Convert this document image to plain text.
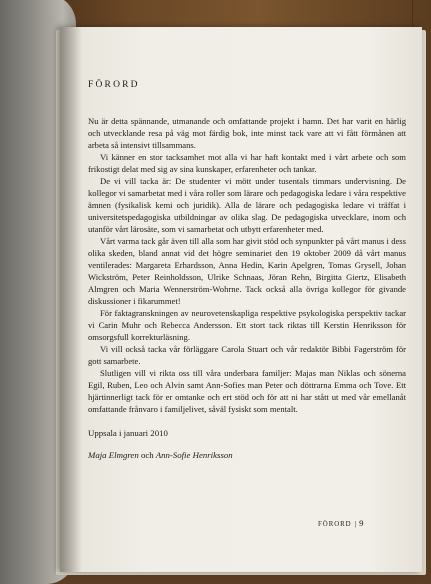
FÖRORD

Nu är detta spännande, utmanande och omfattande projekt i hamn. Det har varit en härlig och utvecklande resa på väg mot färdig bok, inte minst tack vare att vi fått förmånen att arbeta så intensivt tillsammans.

Vi känner en stor tacksamhet mot alla vi har haft kontakt med i vårt arbete och som frikostigt delat med sig av sina kunskaper, erfarenheter och tankar.

De vi vill tacka är: De studenter vi mött under tusentals timmars undervisning. De kollegor vi samarbetat med i våra roller som lärare och pedagogiska ledare i våra respektive ämnen (fysikalisk kemi och juridik). Alla de lärare och pedagogiska ledare vi träffat i universitetspedagogiska utbildningar av olika slag. De pedagogiska utvecklare, inom och utanför vårt lärosäte, som vi samarbetat och utbytt erfarenheter med.

Vårt varma tack går även till alla som har givit stöd och synpunkter på vårt manus i dess olika skeden, bland annat vid det högre seminariet den 19 oktober 2009 då vårt manus ventilerades: Margareta Erhardsson, Anna Hedin, Karin Apelgren, Tomas Grysell, Johan Wickström, Peter Reinholdsson, Ulrike Schnaas, Jöran Rehn, Birgitta Giertz, Elisabeth Almgren och Maria Wennerström-Wohrne. Tack också alla övriga kollegor för givande diskussioner i fikarummet!

För faktagranskningen av neurovetenskapliga respektive psykologiska perspektiv tackar vi Carin Muhr och Rebecca Andersson. Ett stort tack riktas till Kerstin Henriksson för omsorgsfull korrekturläsning.

Vi vill också tacka vår förläggare Carola Stuart och vår redaktör Bibbi Fagerström för gott samarbete.

Slutligen vill vi rikta oss till våra underbara familjer: Majas man Niklas och sönerna Egil, Ruben, Leo och Alvin samt Ann-Sofies man Peter och döttrarna Emma och Tove. Ett hjärtinnerligt tack för er omtanke och ert stöd och för att ni har stått ut med vår emellanåt omfattande frånvaro i familjelivet, såväl fysiskt som mentalt.

Uppsala i januari 2010
Maja Elmgren och Ann-Sofie Henriksson
FÖRORD | 9
